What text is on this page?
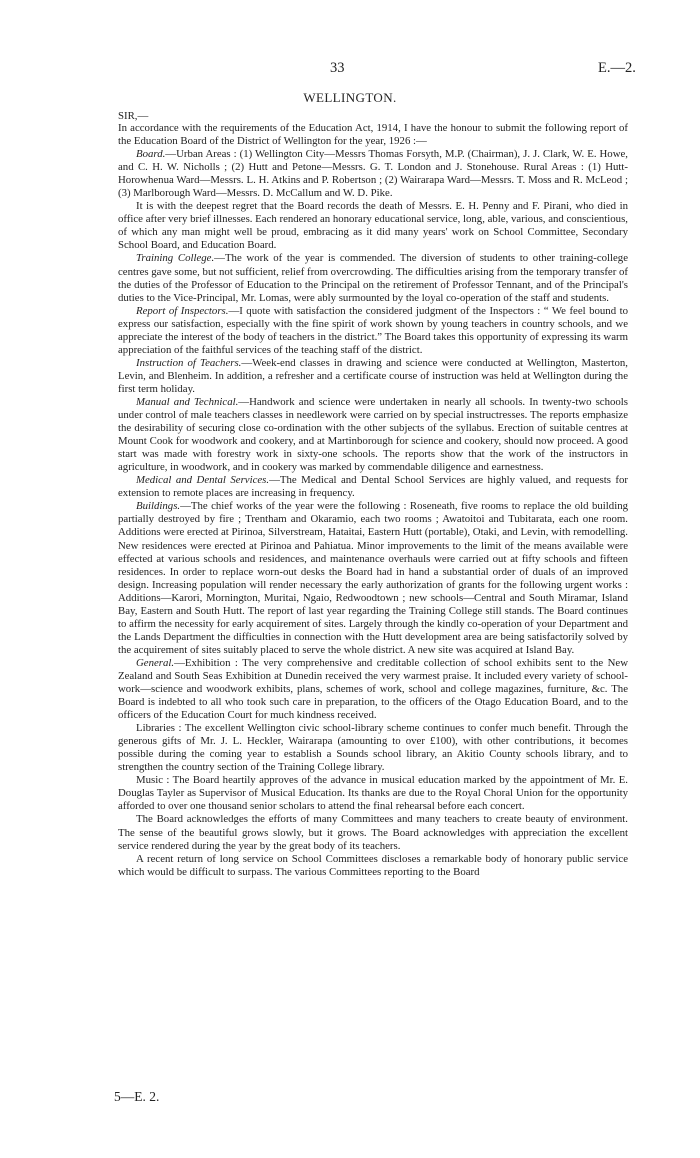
33	E.—2.
WELLINGTON.
SIR,—

In accordance with the requirements of the Education Act, 1914, I have the honour to submit the following report of the Education Board of the District of Wellington for the year, 1926 :—

Board.—Urban Areas : (1) Wellington City—Messrs Thomas Forsyth, M.P. (Chairman), J. J. Clark, W. E. Howe, and C. H. W. Nicholls ; (2) Hutt and Petone—Messrs. G. T. London and J. Stonehouse. Rural Areas : (1) Hutt-Horowhenua Ward—Messrs. L. H. Atkins and P. Robertson ; (2) Wairarapa Ward—Messrs. T. Moss and R. McLeod ; (3) Marlborough Ward—Messrs. D. McCallum and W. D. Pike.

It is with the deepest regret that the Board records the death of Messrs. E. H. Penny and F. Pirani, who died in office after very brief illnesses. Each rendered an honorary educational service, long, able, various, and conscientious, of which any man might well be proud, embracing as it did many years' work on School Committee, Secondary School Board, and Education Board.

Training College.—The work of the year is commended. The diversion of students to other training-college centres gave some, but not sufficient, relief from overcrowding. The difficulties arising from the temporary transfer of the duties of the Professor of Education to the Principal on the retirement of Professor Tennant, and of the Principal's duties to the Vice-Principal, Mr. Lomas, were ably surmounted by the loyal co-operation of the staff and students.

Report of Inspectors.—I quote with satisfaction the considered judgment of the Inspectors : “ We feel bound to express our satisfaction, especially with the fine spirit of work shown by young teachers in country schools, and we appreciate the interest of the body of teachers in the district.” The Board takes this opportunity of expressing its warm appreciation of the faithful services of the teaching staff of the district.

Instruction of Teachers.—Week-end classes in drawing and science were conducted at Wellington, Masterton, Levin, and Blenheim. In addition, a refresher and a certificate course of instruction was held at Wellington during the first term holiday.

Manual and Technical.—Handwork and science were undertaken in nearly all schools. In twenty-two schools under control of male teachers classes in needlework were carried on by special instructresses. The reports emphasize the desirability of securing close co-ordination with the other subjects of the syllabus. Erection of suitable centres at Mount Cook for woodwork and cookery, and at Martinborough for science and cookery, should now proceed. A good start was made with forestry work in sixty-one schools. The reports show that the work of the instructors in agriculture, in woodwork, and in cookery was marked by commendable diligence and earnestness.

Medical and Dental Services.—The Medical and Dental School Services are highly valued, and requests for extension to remote places are increasing in frequency.

Buildings.—The chief works of the year were the following : Roseneath, five rooms to replace the old building partially destroyed by fire ; Trentham and Okaramio, each two rooms ; Awatoitoi and Tubitarata, each one room. Additions were erected at Pirinoa, Silverstream, Hataitai, Eastern Hutt (portable), Otaki, and Levin, with remodelling. New residences were erected at Pirinoa and Pahiatua. Minor improvements to the limit of the means available were effected at various schools and residences, and maintenance overhauls were carried out at fifty schools and fifteen residences. In order to replace worn-out desks the Board had in hand a substantial order of duals of an improved design. Increasing population will render necessary the early authorization of grants for the following urgent works : Additions—Karori, Mornington, Muritai, Ngaio, Redwoodtown ; new schools—Central and South Miramar, Island Bay, Eastern and South Hutt. The report of last year regarding the Training College still stands. The Board continues to affirm the necessity for early acquirement of sites. Largely through the kindly co-operation of your Department and the Lands Department the difficulties in connection with the Hutt development area are being satisfactorily solved by the acquirement of sites suitably placed to serve the whole district. A new site was acquired at Island Bay.

General.—Exhibition : The very comprehensive and creditable collection of school exhibits sent to the New Zealand and South Seas Exhibition at Dunedin received the very warmest praise. It included every variety of school-work—science and woodwork exhibits, plans, schemes of work, school and college magazines, furniture, &c. The Board is indebted to all who took such care in preparation, to the officers of the Otago Education Board, and to the officers of the Education Court for much kindness received.

Libraries : The excellent Wellington civic school-library scheme continues to confer much benefit. Through the generous gifts of Mr. J. L. Heckler, Wairarapa (amounting to over £100), with other contributions, it becomes possible during the coming year to establish a Sounds school library, an Akitio County schools library, and to strengthen the country section of the Training College library.

Music : The Board heartily approves of the advance in musical education marked by the appointment of Mr. E. Douglas Tayler as Supervisor of Musical Education. Its thanks are due to the Royal Choral Union for the opportunity afforded to over one thousand senior scholars to attend the final rehearsal before each concert.

The Board acknowledges the efforts of many Committees and many teachers to create beauty of environment. The sense of the beautiful grows slowly, but it grows. The Board acknowledges with appreciation the excellent service rendered during the year by the great body of its teachers.

A recent return of long service on School Committees discloses a remarkable body of honorary public service which would be difficult to surpass. The various Committees reporting to the Board

5—E. 2.
